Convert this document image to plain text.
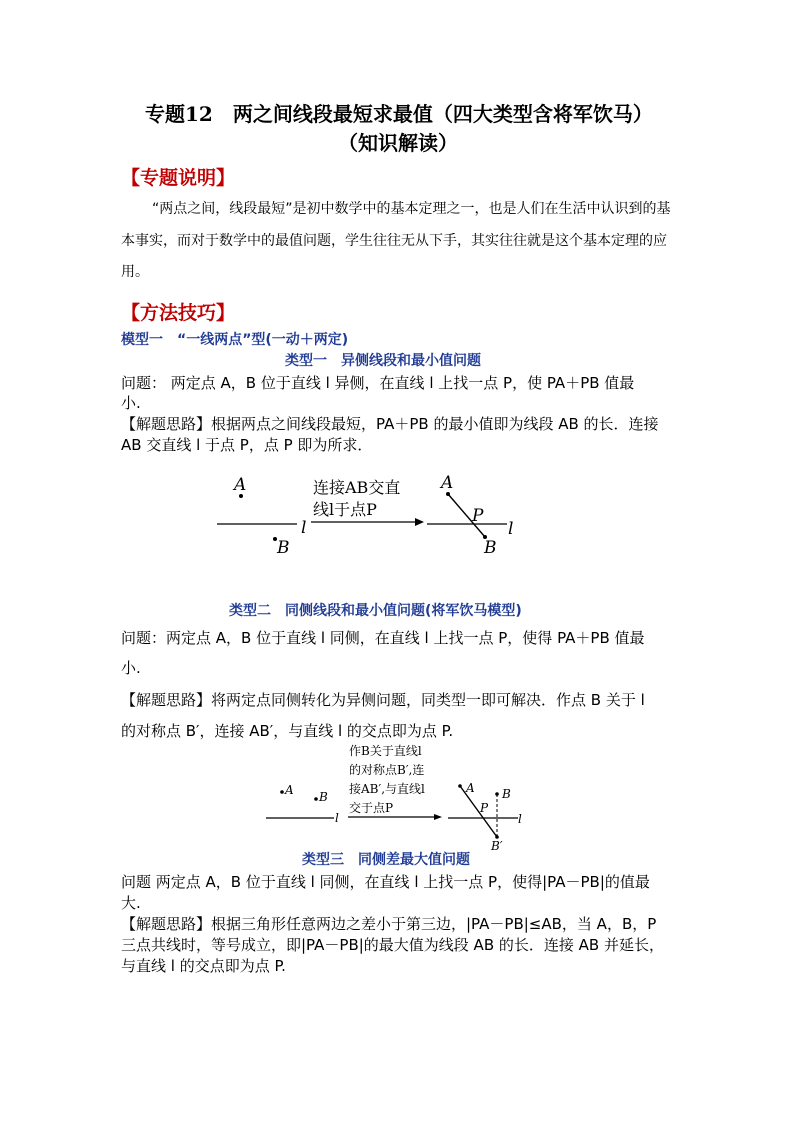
专题12　两之间线段最短求最值（四大类型含将军饮马）
（知识解读）
【专题说明】
“两点之间，线段最短”是初中数学中的基本定理之一，也是人们在生活中认识到的基
本事实，而对于数学中的最值问题，学生往往无从下手，其实往往就是这个基本定理的应
用。
【方法技巧】
模型一　“一线两点”型(一动＋两定)
类型一　异侧线段和最小值问题
问题： 两定点 A，B 位于直线 l 异侧，在直线 l 上找一点 P，使 PA＋PB 值最
小.
【解题思路】根据两点之间线段最短，PA＋PB 的最小值即为线段 AB 的长．连接
AB 交直线 l 于点 P，点 P 即为所求．
A
B
l
连接AB交直
线l于点P
A
P
B
l
类型二　同侧线段和最小值问题(将军饮马模型)
问题：两定点 A，B 位于直线 l 同侧，在直线 l 上找一点 P，使得 PA＋PB 值最
小.
【解题思路】将两定点同侧转化为异侧问题，同类型一即可解决．作点 B 关于 l
的对称点 B′，连接 AB′，与直线 l 的交点即为点 P.
A B
l
作B关于直线l
的对称点B′,连
接AB′,与直线l
交于点P
A B
P
B′
l
类型三　同侧差最大值问题
问题 两定点 A，B 位于直线 l 同侧，在直线 l 上找一点 P，使得|PA－PB|的值最
大.
【解题思路】根据三角形任意两边之差小于第三边，|PA－PB|≤AB，当 A，B，P
三点共线时，等号成立，即|PA－PB|的最大值为线段 AB 的长．连接 AB 并延长，
与直线 l 的交点即为点 P.
